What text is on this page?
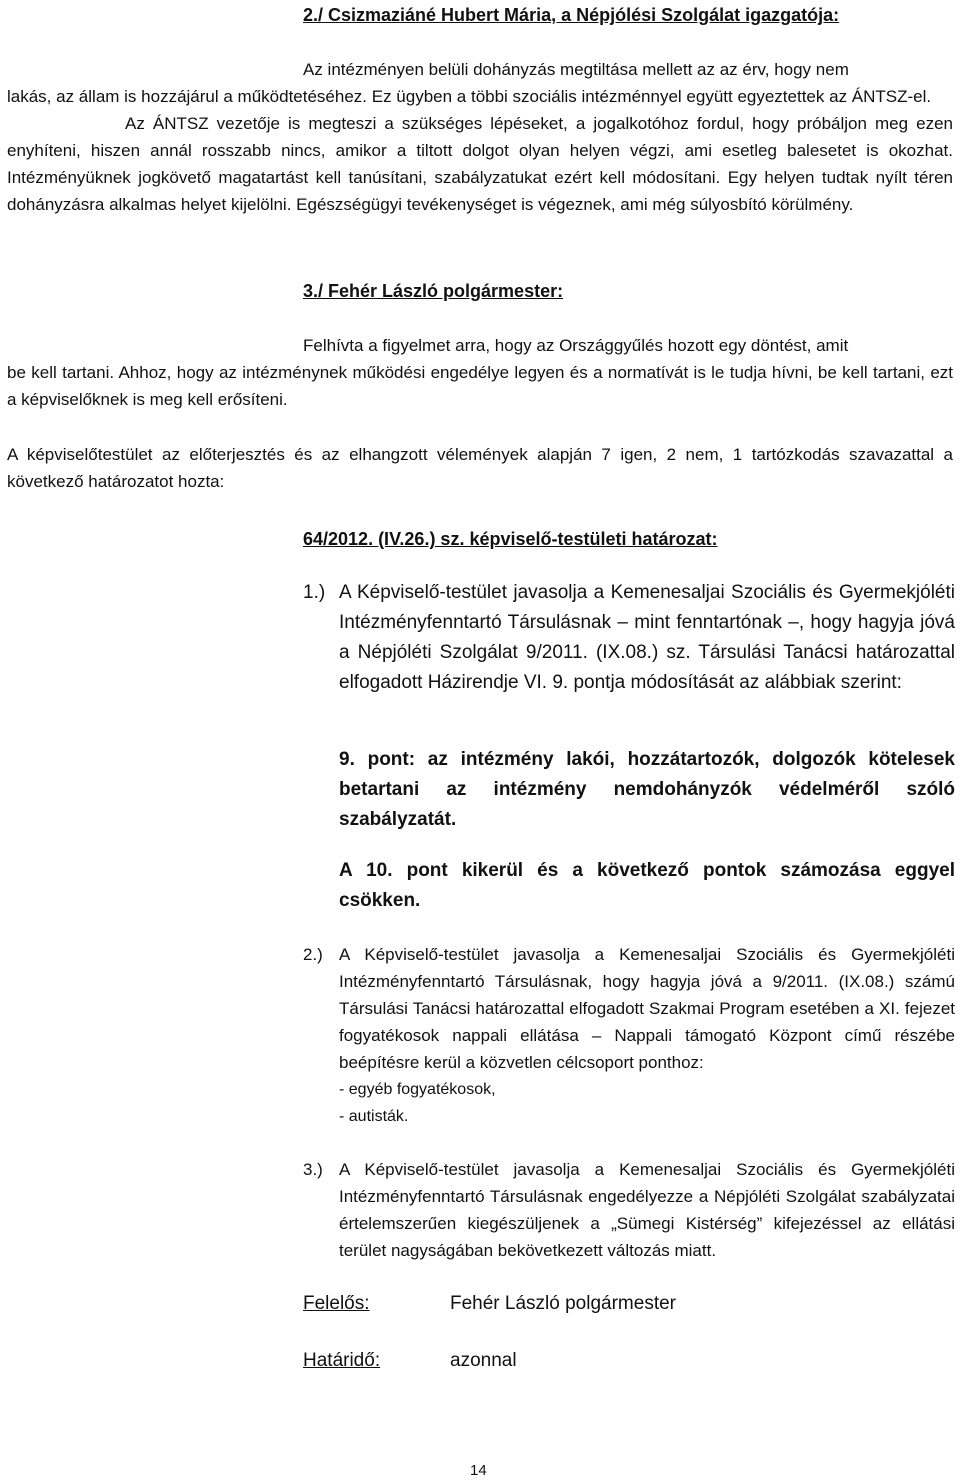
2./ Csizmaziáné Hubert Mária, a Népjólési Szolgálat igazgatója:
Az intézményen belüli dohányzás megtiltása mellett az az érv, hogy nem
lakás, az állam is hozzájárul a működtetéséhez. Ez ügyben a többi szociális intézménnyel együtt egyeztettek az ÁNTSZ-el.
Az ÁNTSZ vezetője is megteszi a szükséges lépéseket, a jogalkotóhoz fordul, hogy próbáljon meg ezen enyhíteni, hiszen annál rosszabb nincs, amikor a tiltott dolgot olyan helyen végzi, ami esetleg balesetet is okozhat. Intézményüknek jogkövető magatartást kell tanúsítani, szabályzatukat ezért kell módosítani. Egy helyen tudtak nyílt téren dohányzásra alkalmas helyet kijelölni. Egészségügyi tevékenységet is végeznek, ami még súlyosbító körülmény.
3./ Fehér László polgármester:
Felhívta a figyelmet arra, hogy az Országgyűlés hozott egy döntést, amit
be kell tartani. Ahhoz, hogy az intézménynek működési engedélye legyen és a normatívát is le tudja hívni, be kell tartani, ezt a képviselőknek is meg kell erősíteni.
A képviselőtestület az előterjesztés és az elhangzott vélemények alapján 7 igen, 2 nem, 1 tartózkodás szavazattal a következő határozatot hozta:
64/2012. (IV.26.) sz. képviselő-testületi határozat:
1.) A Képviselő-testület javasolja a Kemenesaljai Szociális és Gyermekjóléti Intézményfenntartó Társulásnak – mint fenntartónak –, hogy hagyja jóvá a Népjóléti Szolgálat 9/2011. (IX.08.) sz. Társulási Tanácsi határozattal elfogadott Házirendje VI. 9. pontja módosítását az alábbiak szerint:
9. pont: az intézmény lakói, hozzátartozók, dolgozók kötelesek betartani az intézmény nemdohányzók védelméről szóló szabályzatát.
A 10. pont kikerül és a következő pontok számozása eggyel csökken.
2.) A Képviselő-testület javasolja a Kemenesaljai Szociális és Gyermekjóléti Intézményfenntartó Társulásnak, hogy hagyja jóvá a 9/2011. (IX.08.) számú Társulási Tanácsi határozattal elfogadott Szakmai Program esetében a XI. fejezet fogyatékosok nappali ellátása – Nappali támogató Központ című részébe beépítésre kerül a közvetlen célcsoport ponthoz:
- egyéb fogyatékosok,
- autisták.
3.) A Képviselő-testület javasolja a Kemenesaljai Szociális és Gyermekjóléti Intézményfenntartó Társulásnak engedélyezze a Népjóléti Szolgálat szabályzatai értelemszerűen kiegészüljenek a „Sümegi Kistérség” kifejezéssel az ellátási terület nagyságában bekövetkezett változás miatt.
Felelős:	Fehér László polgármester
Határidő:	azonnal
14
